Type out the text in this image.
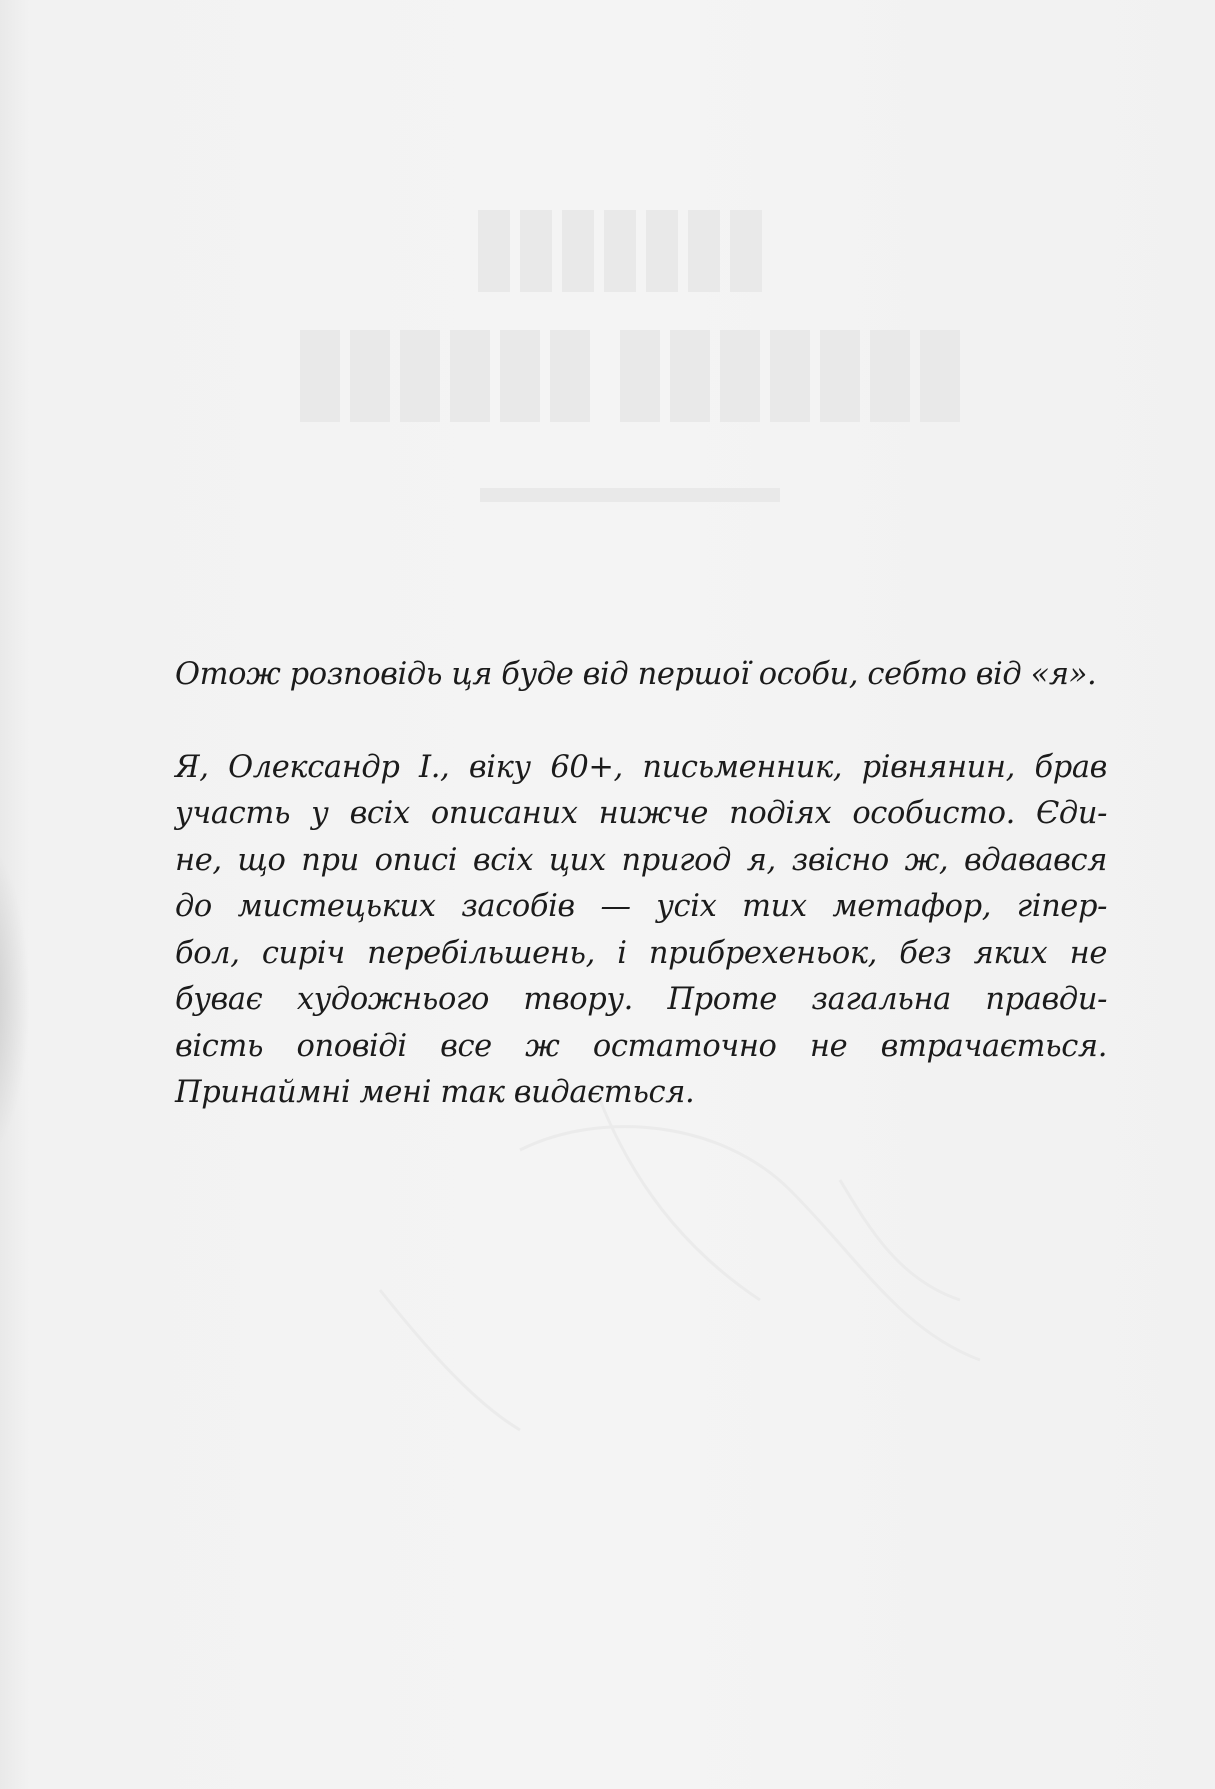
Отож розповідь ця буде від першої особи, себто від «я».

Я, Олександр І., віку 60+, письменник, рівнянин, брав
участь у всіх описаних нижче подіях особисто. Єди-
не, що при описі всіх цих пригод я, звісно ж, вдавався
до мистецьких засобів — усіх тих метафор, гіпер-
бол, сиріч перебільшень, і прибрехеньок, без яких не
буває художнього твору. Проте загальна правди-
вість оповіді все ж остаточно не втрачається.
Принаймні мені так видається.
